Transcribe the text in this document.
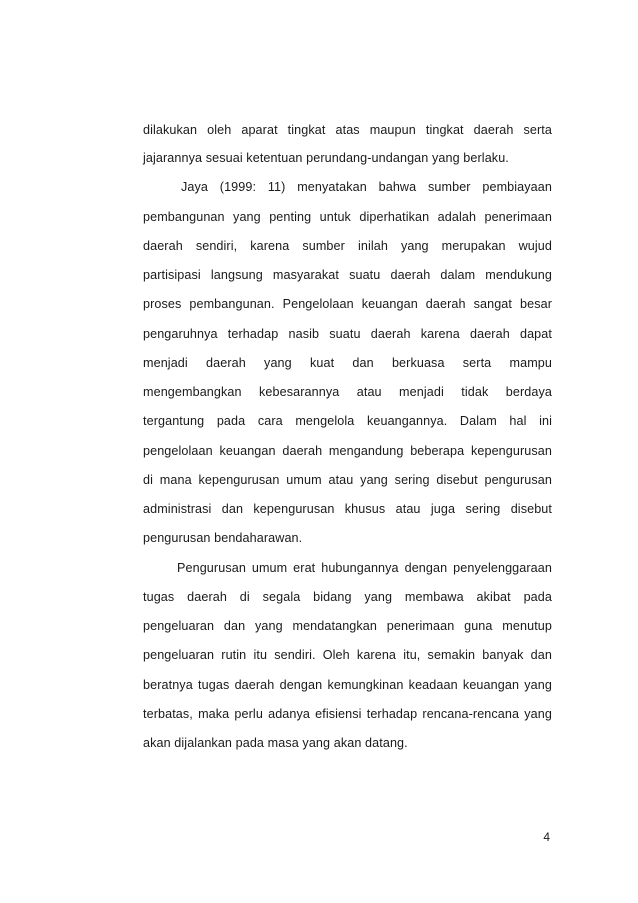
dilakukan oleh aparat tingkat atas maupun tingkat daerah serta
jajarannya sesuai ketentuan perundang-undangan yang berlaku.
Jaya (1999: 11) menyatakan bahwa sumber pembiayaan
pembangunan yang penting untuk diperhatikan adalah penerimaan
daerah sendiri, karena sumber inilah yang merupakan wujud
partisipasi langsung masyarakat suatu daerah dalam mendukung
proses pembangunan. Pengelolaan keuangan daerah sangat besar
pengaruhnya terhadap nasib suatu daerah karena daerah dapat
menjadi daerah yang kuat dan berkuasa serta mampu
mengembangkan kebesarannya atau menjadi tidak berdaya
tergantung pada cara mengelola keuangannya. Dalam hal ini
pengelolaan keuangan daerah mengandung beberapa kepengurusan
di mana kepengurusan umum atau yang sering disebut pengurusan
administrasi dan kepengurusan khusus atau juga sering disebut
pengurusan bendaharawan.
Pengurusan umum erat hubungannya dengan penyelenggaraan
tugas daerah di segala bidang yang membawa akibat pada
pengeluaran dan yang mendatangkan penerimaan guna menutup
pengeluaran rutin itu sendiri. Oleh karena itu, semakin banyak dan
beratnya tugas daerah dengan kemungkinan keadaan keuangan yang
terbatas, maka perlu adanya efisiensi terhadap rencana-rencana yang
akan dijalankan pada masa yang akan datang.
4
